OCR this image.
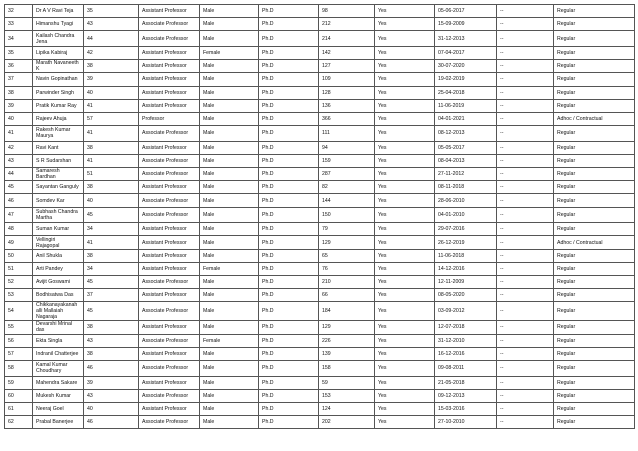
32	Dr A V Ravi Teja	35	Assistant Professor	Male	Ph.D	98	Yes	05-06-2017	--	Regular
33	Himanshu Tyagi	43	Associate Professor	Male	Ph.D	212	Yes	15-09-2009	--	Regular
34	Kailash Chandra Jena	44	Associate Professor	Male	Ph.D	214	Yes	31-12-2013	--	Regular
35	Lipika Kabiraj	42	Assistant Professor	Female	Ph.D	142	Yes	07-04-2017	--	Regular
36	Marath Navaneeth K	38	Assistant Professor	Male	Ph.D	127	Yes	30-07-2020	--	Regular
37	Navin Gopinathan	39	Assistant Professor	Male	Ph.D	109	Yes	19-02-2019	--	Regular
38	Parwinder Singh	40	Assistant Professor	Male	Ph.D	128	Yes	25-04-2018	--	Regular
39	Pratik Kumar Ray	41	Assistant Professor	Male	Ph.D	136	Yes	11-06-2019	--	Regular
40	Rajeev Ahuja	57	Professor	Male	Ph.D	366	Yes	04-01-2021	--	Adhoc / Contractual
41	Rakesh Kumar Maurya	41	Associate Professor	Male	Ph.D	111	Yes	08-12-2013	--	Regular
42	Ravi Kant	38	Assistant Professor	Male	Ph.D	94	Yes	05-05-2017	--	Regular
43	S R Sudarshan	41	Associate Professor	Male	Ph.D	159	Yes	08-04-2013	--	Regular
44	Samaresh Bardhan	51	Associate Professor	Male	Ph.D	287	Yes	27-11-2012	--	Regular
45	Sayantan Ganguly	38	Assistant Professor	Male	Ph.D	82	Yes	08-11-2018	--	Regular
46	Somdev Kar	40	Associate Professor	Male	Ph.D	144	Yes	28-06-2010	--	Regular
47	Subhash Chandra Martha	45	Associate Professor	Male	Ph.D	150	Yes	04-01-2010	--	Regular
48	Suman Kumar	34	Assistant Professor	Male	Ph.D	79	Yes	29-07-2016	--	Regular
49	Vellingiri Rajagopal	41	Assistant Professor	Male	Ph.D	129	Yes	26-12-2019	--	Adhoc / Contractual
50	Anil Shukla	38	Assistant Professor	Male	Ph.D	65	Yes	11-06-2018	--	Regular
51	Arti Pandey	34	Assistant Professor	Female	Ph.D	76	Yes	14-12-2016	--	Regular
52	Avijit Goswami	45	Associate Professor	Male	Ph.D	210	Yes	12-11-2009	--	Regular
53	Bodhisatwa Das	37	Assistant Professor	Male	Ph.D	66	Yes	08-05-2020	--	Regular
54	Chikkanayakanahalli Mallaiah Nagaraja	45	Associate Professor	Male	Ph.D	184	Yes	03-09-2012	--	Regular
55	Devarshi Mrinal das	38	Assistant Professor	Male	Ph.D	129	Yes	12-07-2018	--	Regular
56	Ekta Singla	43	Associate Professor	Female	Ph.D	226	Yes	31-12-2010	--	Regular
57	Indranil Chatterjee	38	Assistant Professor	Male	Ph.D	139	Yes	16-12-2016	--	Regular
58	Kamal Kumar Choudhary	46	Associate Professor	Male	Ph.D	158	Yes	09-08-2011	--	Regular
59	Mahendra Sakare	39	Assistant Professor	Male	Ph.D	59	Yes	21-05-2018	--	Regular
60	Mukesh Kumar	43	Associate Professor	Male	Ph.D	153	Yes	09-12-2013	--	Regular
61	Neeraj Goel	40	Assistant Professor	Male	Ph.D	124	Yes	15-03-2016	--	Regular
62	Prabal Banerjee	46	Associate Professor	Male	Ph.D	202	Yes	27-10-2010	--	Regular
